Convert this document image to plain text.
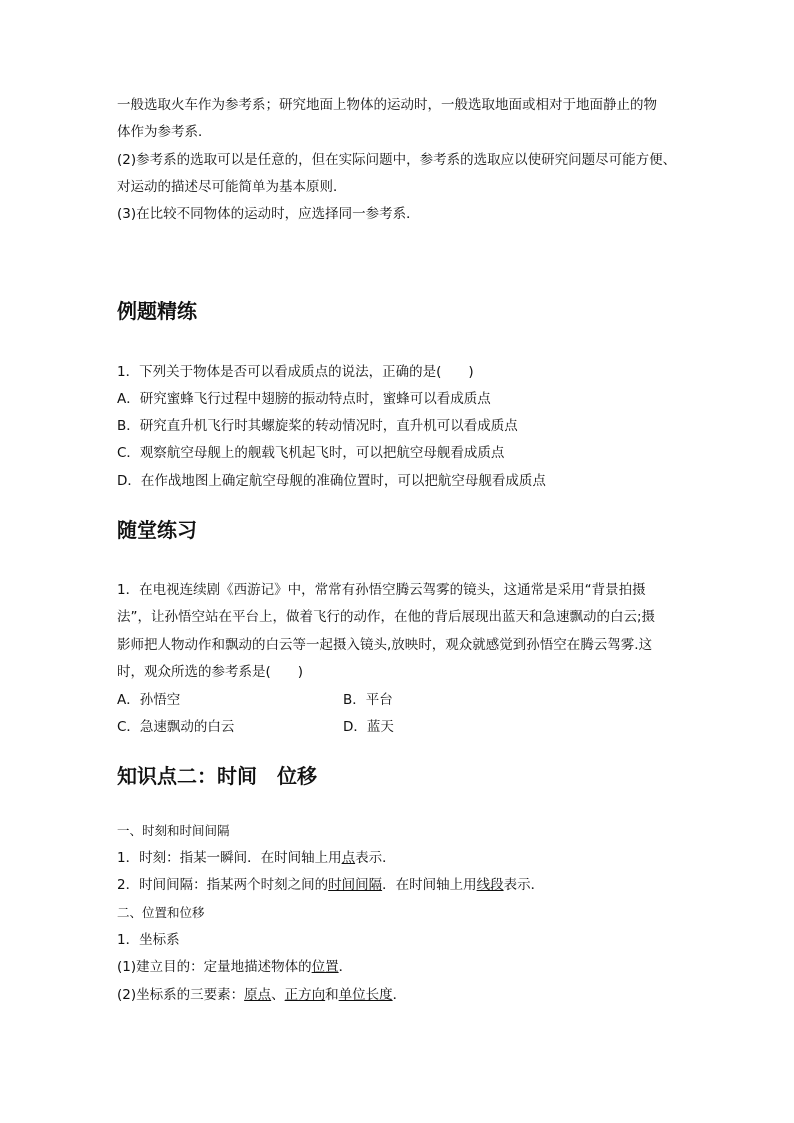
一般选取火车作为参考系；研究地面上物体的运动时，一般选取地面或相对于地面静止的物
体作为参考系．
(2)参考系的选取可以是任意的，但在实际问题中，参考系的选取应以使研究问题尽可能方便、
对运动的描述尽可能简单为基本原则．
(3)在比较不同物体的运动时，应选择同一参考系．
例题精练
1．下列关于物体是否可以看成质点的说法，正确的是(　　)
A．研究蜜蜂飞行过程中翅膀的振动特点时，蜜蜂可以看成质点
B．研究直升机飞行时其螺旋桨的转动情况时，直升机可以看成质点
C．观察航空母舰上的舰载飞机起飞时，可以把航空母舰看成质点
D．在作战地图上确定航空母舰的准确位置时，可以把航空母舰看成质点
随堂练习
1．在电视连续剧《西游记》中，常常有孙悟空腾云驾雾的镜头，这通常是采用“背景拍摄
法”，让孙悟空站在平台上，做着飞行的动作，在他的背后展现出蓝天和急速飘动的白云;摄
影师把人物动作和飘动的白云等一起摄入镜头,放映时，观众就感觉到孙悟空在腾云驾雾.这
时，观众所选的参考系是(　　)
A．孙悟空	B．平台
C．急速飘动的白云	D．蓝天
知识点二：时间　位移
一、时刻和时间间隔
1．时刻：指某一瞬间．在时间轴上用点表示．
2．时间间隔：指某两个时刻之间的时间间隔．在时间轴上用线段表示．
二、位置和位移
1．坐标系
(1)建立目的：定量地描述物体的位置．
(2)坐标系的三要素：原点、正方向和单位长度．
